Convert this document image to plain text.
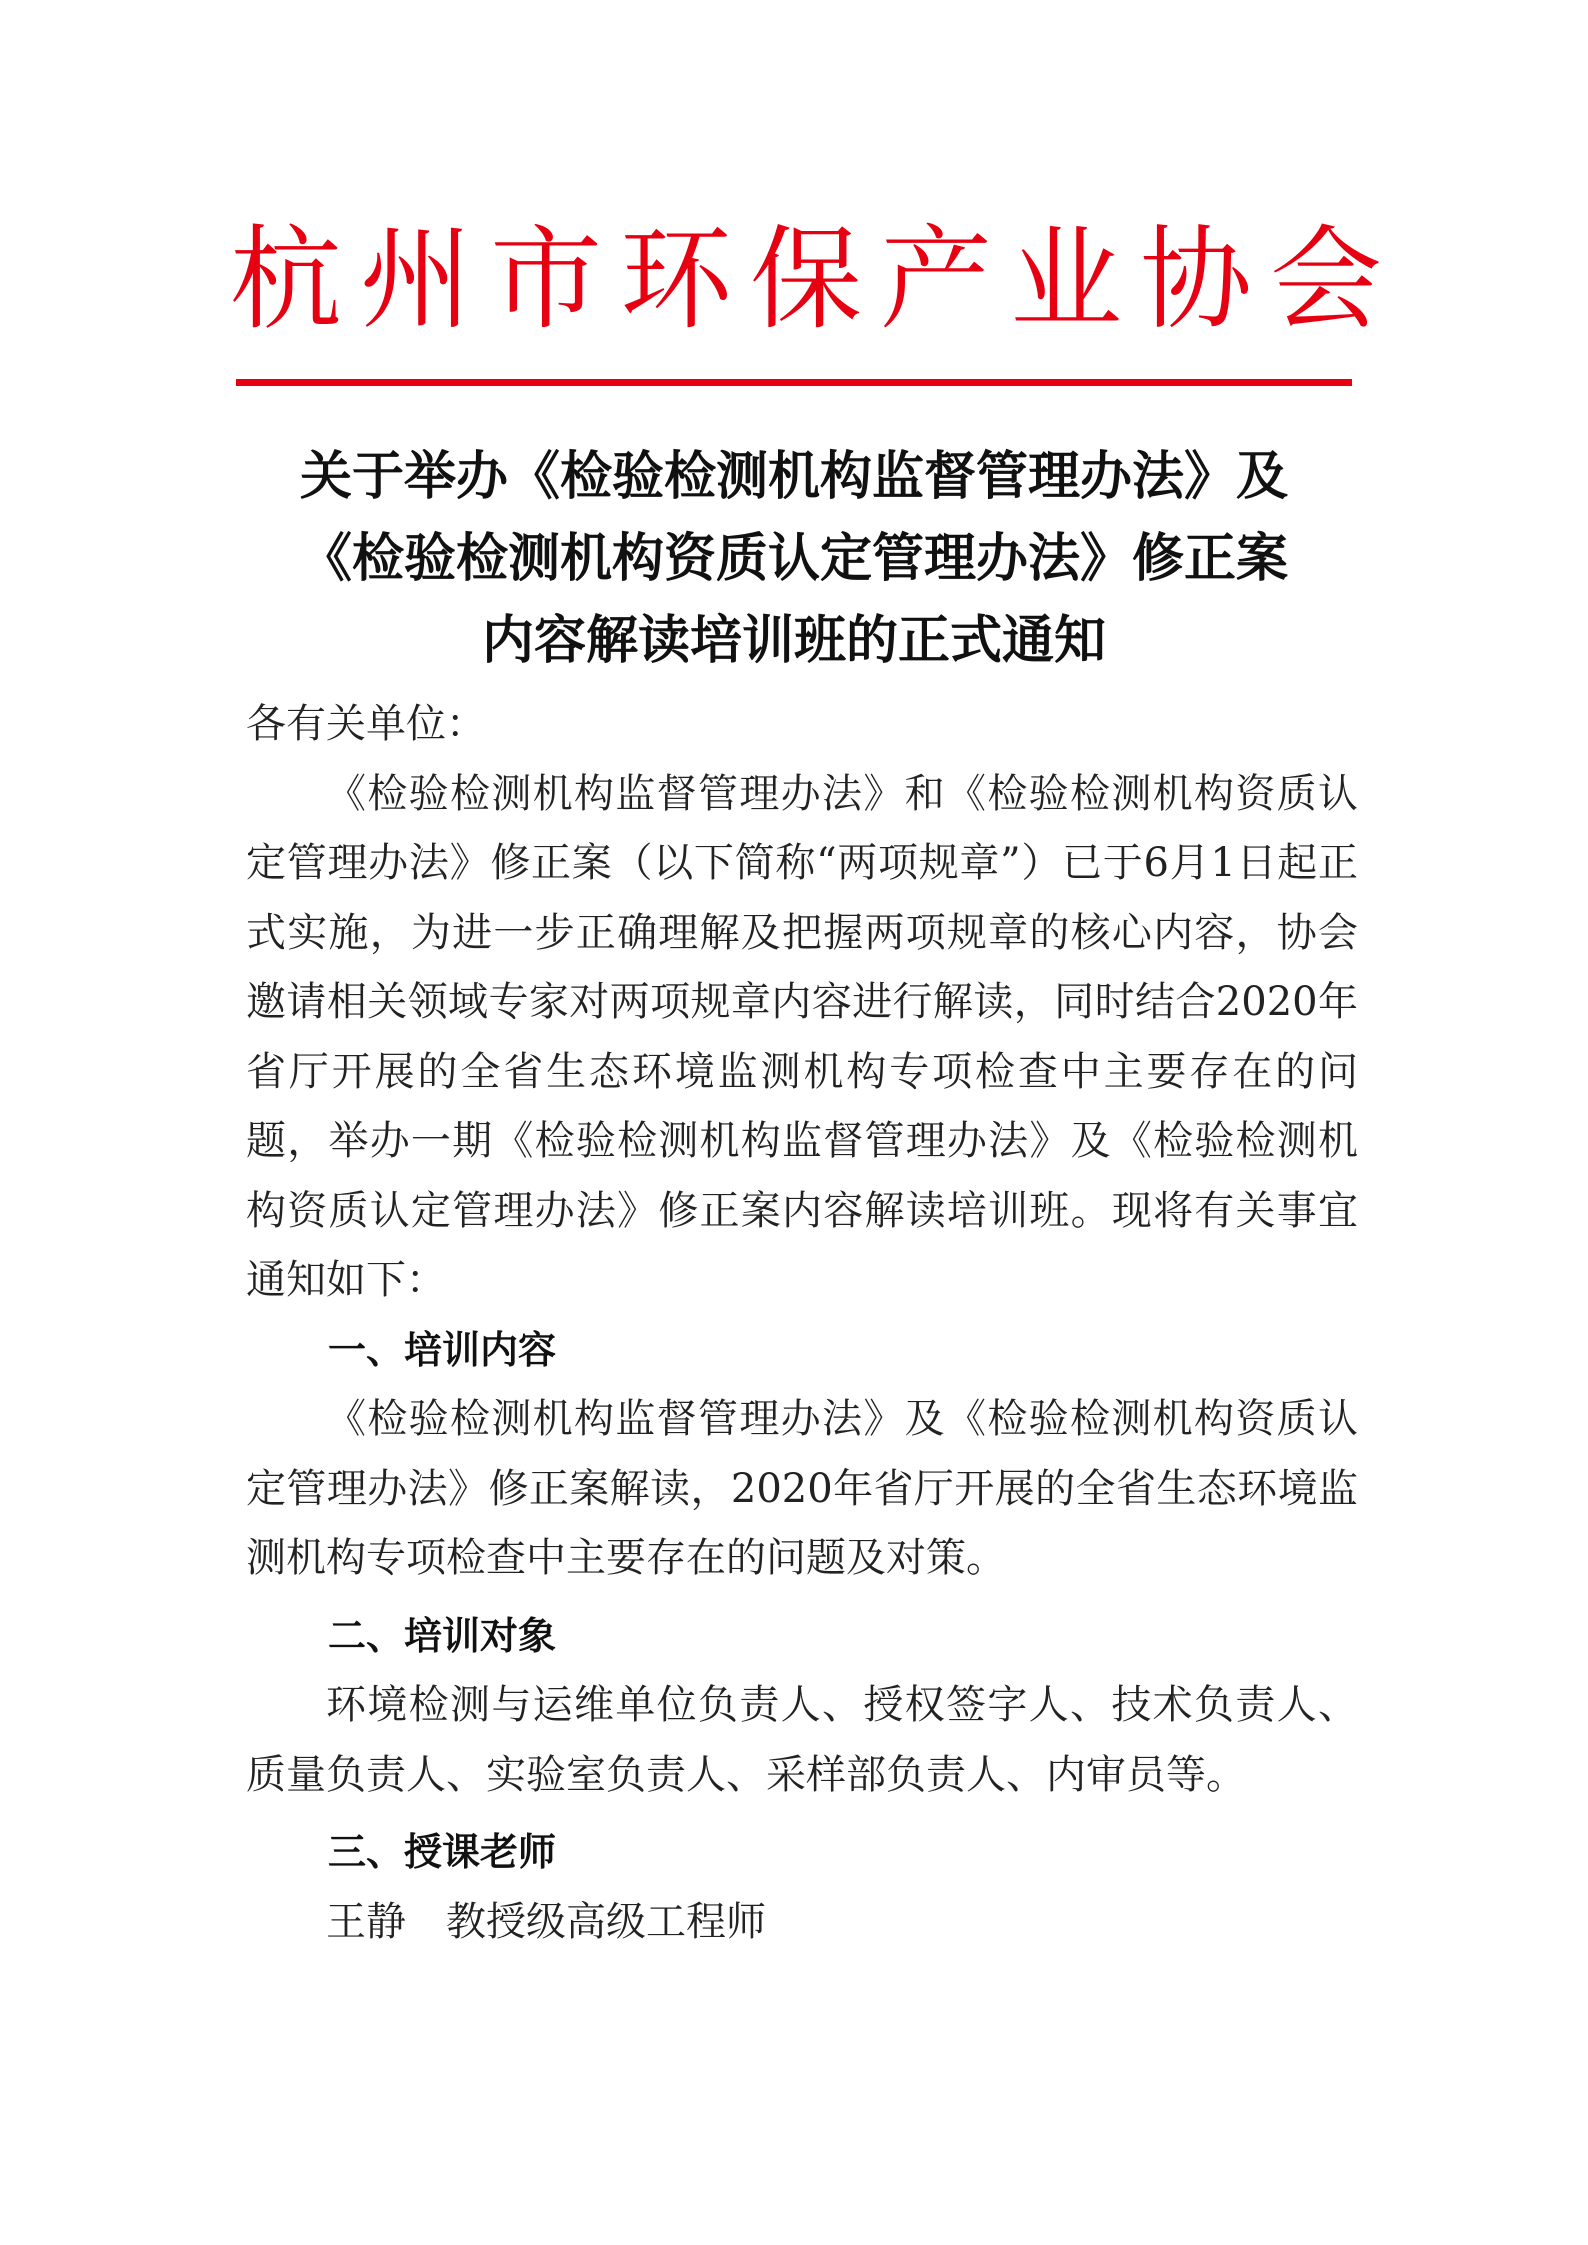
杭州市环保产业协会
关于举办《检验检测机构监督管理办法》及
《检验检测机构资质认定管理办法》修正案
内容解读培训班的正式通知

各有关单位：

《检验检测机构监督管理办法》和《检验检测机构资质认定管理办法》修正案（以下简称“两项规章”）已于6月1日起正式实施，为进一步正确理解及把握两项规章的核心内容，协会邀请相关领域专家对两项规章内容进行解读，同时结合2020年省厅开展的全省生态环境监测机构专项检查中主要存在的问题，举办一期《检验检测机构监督管理办法》及《检验检测机构资质认定管理办法》修正案内容解读培训班。现将有关事宜通知如下：

一、培训内容

《检验检测机构监督管理办法》及《检验检测机构资质认定管理办法》修正案解读，2020年省厅开展的全省生态环境监测机构专项检查中主要存在的问题及对策。

二、培训对象

环境检测与运维单位负责人、授权签字人、技术负责人、质量负责人、实验室负责人、采样部负责人、内审员等。

三、授课老师

王静　教授级高级工程师
